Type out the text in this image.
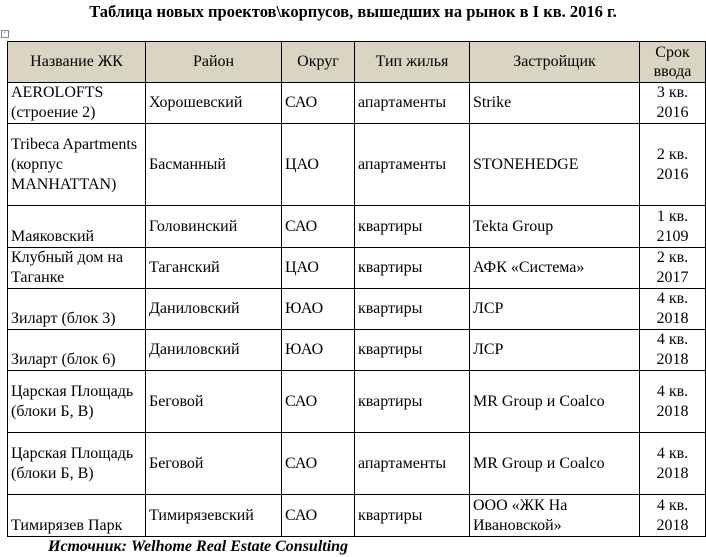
Таблица новых проектов\корпусов, вышедших на рынок в I кв. 2016 г.
+
Название ЖК	Район	Округ	Тип жилья	Застройщик	Срок ввода
AEROLOFTS (строение 2)	Хорошевский	САО	апартаменты	Strike	3 кв. 2016
Tribeca Apartments (корпус MANHATTAN)	Басманный	ЦАО	апартаменты	STONEHEDGE	2 кв. 2016
Маяковский	Головинский	САО	квартиры	Tekta Group	1 кв. 2109
Клубный дом на Таганке	Таганский	ЦАО	квартиры	АФК «Система»	2 кв. 2017
Зиларт (блок 3)	Даниловский	ЮАО	квартиры	ЛСР	4 кв. 2018
Зиларт (блок 6)	Даниловский	ЮАО	квартиры	ЛСР	4 кв. 2018
Царская Площадь (блоки Б, В)	Беговой	САО	квартиры	MR Group и Coalco	4 кв. 2018
Царская Площадь (блоки Б, В)	Беговой	САО	апартаменты	MR Group и Coalco	4 кв. 2018
Тимирязев Парк	Тимирязевский	САО	квартиры	ООО «ЖК На Ивановской»	4 кв. 2018
Источник: Welhome Real Estate Consulting
